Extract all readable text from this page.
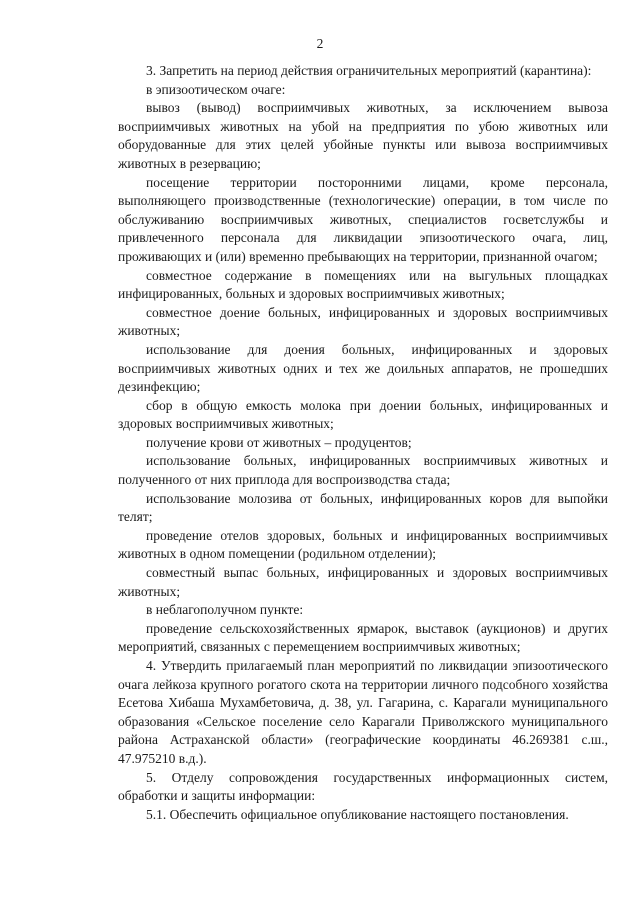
2

3. Запретить на период действия ограничительных мероприятий (карантина):

в эпизоотическом очаге:

вывоз (вывод) восприимчивых животных, за исключением вывоза восприимчивых животных на убой на предприятия по убою животных или оборудованные для этих целей убойные пункты или вывоза восприимчивых животных в резервацию;

посещение территории посторонними лицами, кроме персонала, выполняющего производственные (технологические) операции, в том числе по обслуживанию восприимчивых животных, специалистов госветслужбы и привлеченного персонала для ликвидации эпизоотического очага, лиц, проживающих и (или) временно пребывающих на территории, признанной очагом;

совместное содержание в помещениях или на выгульных площадках инфицированных, больных и здоровых восприимчивых животных;

совместное доение больных, инфицированных и здоровых восприимчивых животных;

использование для доения больных, инфицированных и здоровых восприимчивых животных одних и тех же доильных аппаратов, не прошедших дезинфекцию;

сбор в общую емкость молока при доении больных, инфицированных и здоровых восприимчивых животных;

получение крови от животных – продуцентов;

использование больных, инфицированных восприимчивых животных и полученного от них приплода для воспроизводства стада;

использование молозива от больных, инфицированных коров для выпойки телят;

проведение отелов здоровых, больных и инфицированных восприимчивых животных в одном помещении (родильном отделении);

совместный выпас больных, инфицированных и здоровых восприимчивых животных;

в неблагополучном пункте:

проведение сельскохозяйственных ярмарок, выставок (аукционов) и других мероприятий, связанных с перемещением восприимчивых животных;

4. Утвердить прилагаемый план мероприятий по ликвидации эпизоотического очага лейкоза крупного рогатого скота на территории личного подсобного хозяйства Есетова Хибаша Мухамбетовича, д. 38, ул. Гагарина, с. Карагали муниципального образования «Сельское поселение село Карагали Приволжского муниципального района Астраханской области» (географические координаты 46.269381 с.ш., 47.975210 в.д.).

5. Отделу сопровождения государственных информационных систем, обработки и защиты информации:

5.1. Обеспечить официальное опубликование настоящего постановления.
